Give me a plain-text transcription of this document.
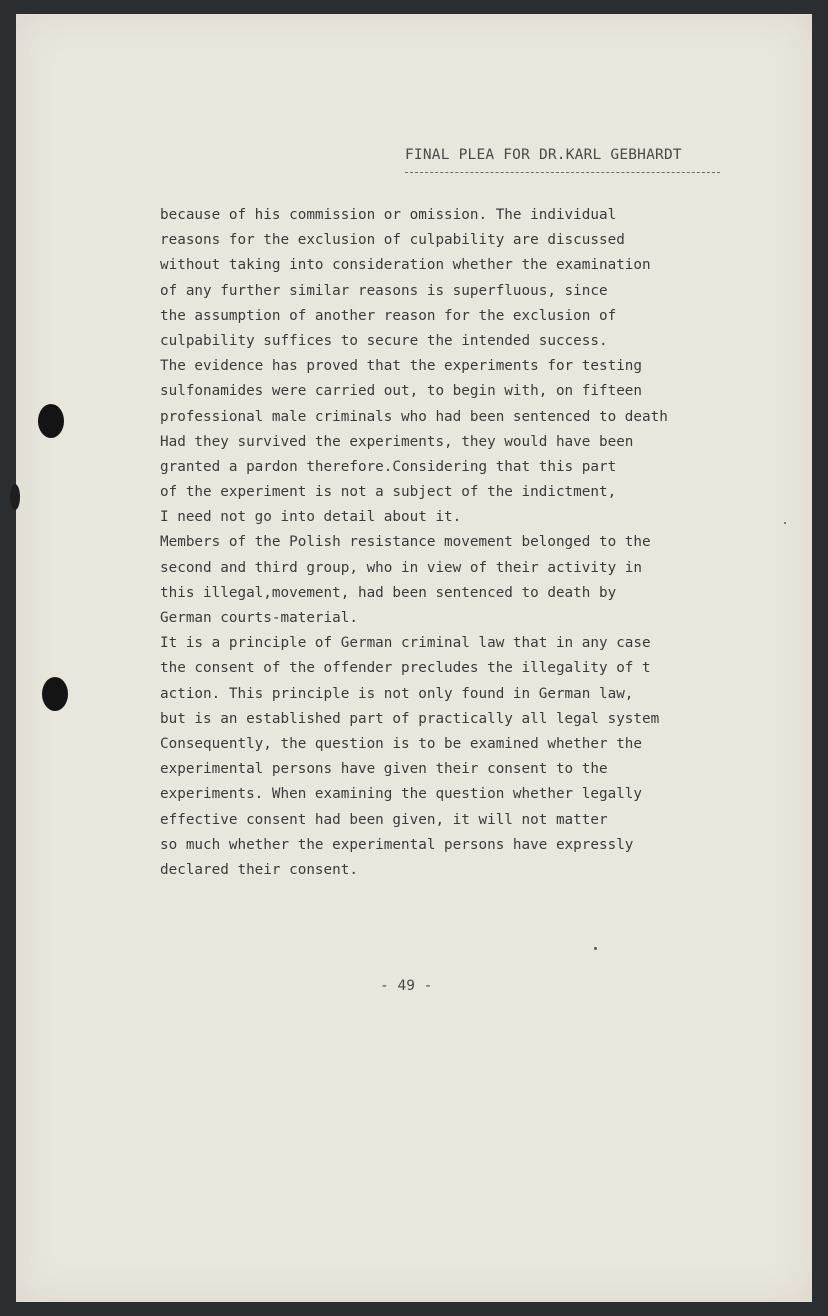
FINAL PLEA FOR DR.KARL GEBHARDT
because of his commission or omission. The individual
reasons for the exclusion of culpability are discussed
without taking into consideration whether the examination
of any further similar reasons is superfluous, since
the assumption of another reason for the exclusion of
culpability suffices to secure the intended success.
The evidence has proved that the experiments for testing
sulfonamides were carried out, to begin with, on fifteen
professional male criminals who had been sentenced to death
Had they survived the experiments, they would have been
granted a pardon therefore.Considering that this part
of the experiment is not a subject of the indictment,
I need not go into detail about it.
Members of the Polish resistance movement belonged to the
second and third group, who in view of their activity in
this illegal,movement, had been sentenced to death by
German courts-material.
It is a principle of German criminal law that in any case
the consent of the offender precludes the illegality of t
action. This principle is not only found in German law,
but is an established part of practically all legal system
Consequently, the question is to be examined whether the
experimental persons have given their consent to the
experiments. When examining the question whether legally
effective consent had been given, it will not matter
so much whether the experimental persons have expressly
declared their consent.
- 49 -
